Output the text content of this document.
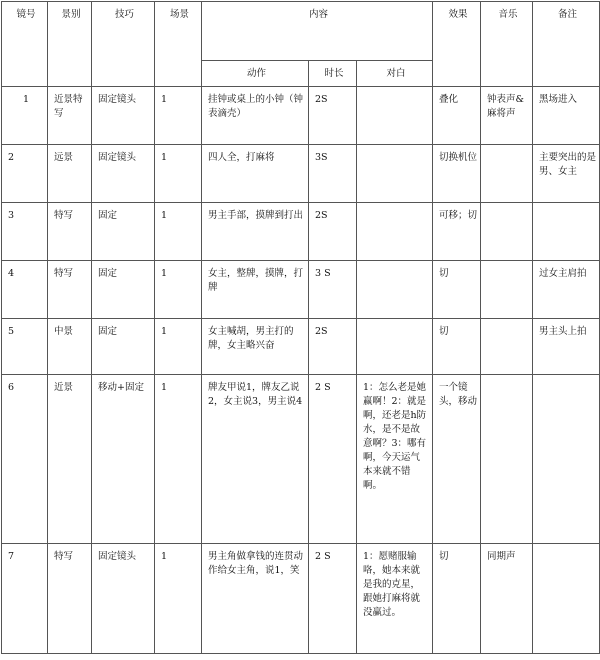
镜号	景别	技巧	场景	内容			效果	音乐	备注
				动作	时长	对白			
1	近景特写	固定镜头	1	挂钟或桌上的小钟（钟表滴壳）	2S		叠化	钟表声&麻将声	黑场进入
2	远景	固定镜头	1	四人全，打麻将	3S		切换机位		主要突出的是男、女主
3	特写	固定	1	男主手部，摸牌到打出	2S		可移；切		
4	特写	固定	1	女主，整牌，摸牌，打牌	3 S		切		过女主肩拍
5	中景	固定	1	女主喊胡，男主打的牌，女主略兴奋	2S		切		男主头上拍
6	近景	移动+固定	1	牌友甲说1，牌友乙说2，女主说3，男主说4	2 S	1：怎么老是她赢啊！2：就是啊，还老是h防水，是不是故意啊？3：哪有啊，今天运气本来就不错啊。	一个镜头，移动		
7	特写	固定镜头	1	男主角做拿钱的连贯动作给女主角，说1，笑	2 S	1：愿赌服输咯，她本来就是我的克星，跟她打麻将就没赢过。	切	同期声	
